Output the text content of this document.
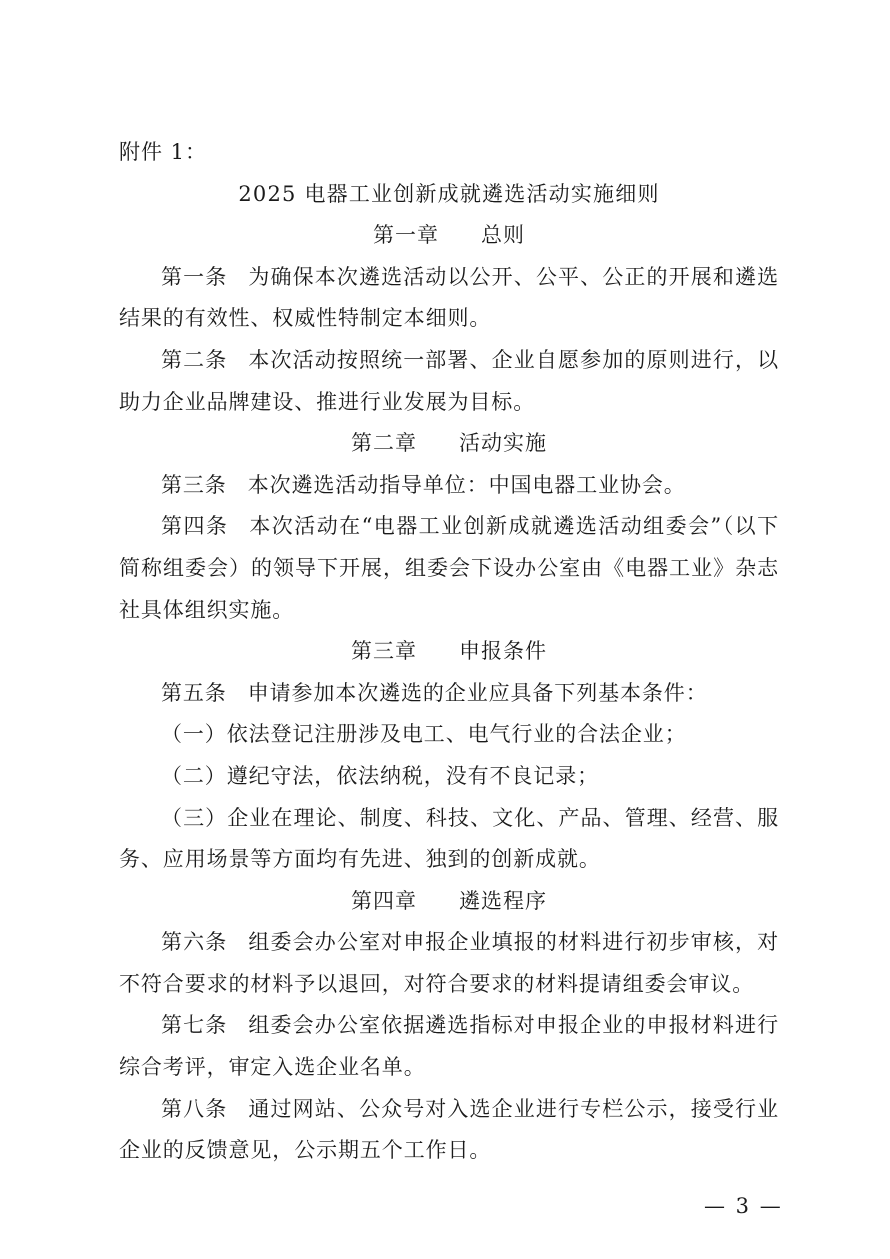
附件 1：

2025 电器工业创新成就遴选活动实施细则

第一章 总则

第一条 为确保本次遴选活动以公开、公平、公正的开展和遴选结果的有效性、权威性特制定本细则。

第二条 本次活动按照统一部署、企业自愿参加的原则进行，以助力企业品牌建设、推进行业发展为目标。

第二章 活动实施

第三条 本次遴选活动指导单位：中国电器工业协会。

第四条 本次活动在“电器工业创新成就遴选活动组委会”（以下简称组委会）的领导下开展，组委会下设办公室由《电器工业》杂志社具体组织实施。

第三章 申报条件

第五条 申请参加本次遴选的企业应具备下列基本条件：

（一）依法登记注册涉及电工、电气行业的合法企业；

（二）遵纪守法，依法纳税，没有不良记录；

（三）企业在理论、制度、科技、文化、产品、管理、经营、服务、应用场景等方面均有先进、独到的创新成就。

第四章 遴选程序

第六条 组委会办公室对申报企业填报的材料进行初步审核，对不符合要求的材料予以退回，对符合要求的材料提请组委会审议。

第七条 组委会办公室依据遴选指标对申报企业的申报材料进行综合考评，审定入选企业名单。

第八条 通过网站、公众号对入选企业进行专栏公示，接受行业企业的反馈意见，公示期五个工作日。

— 3 —
